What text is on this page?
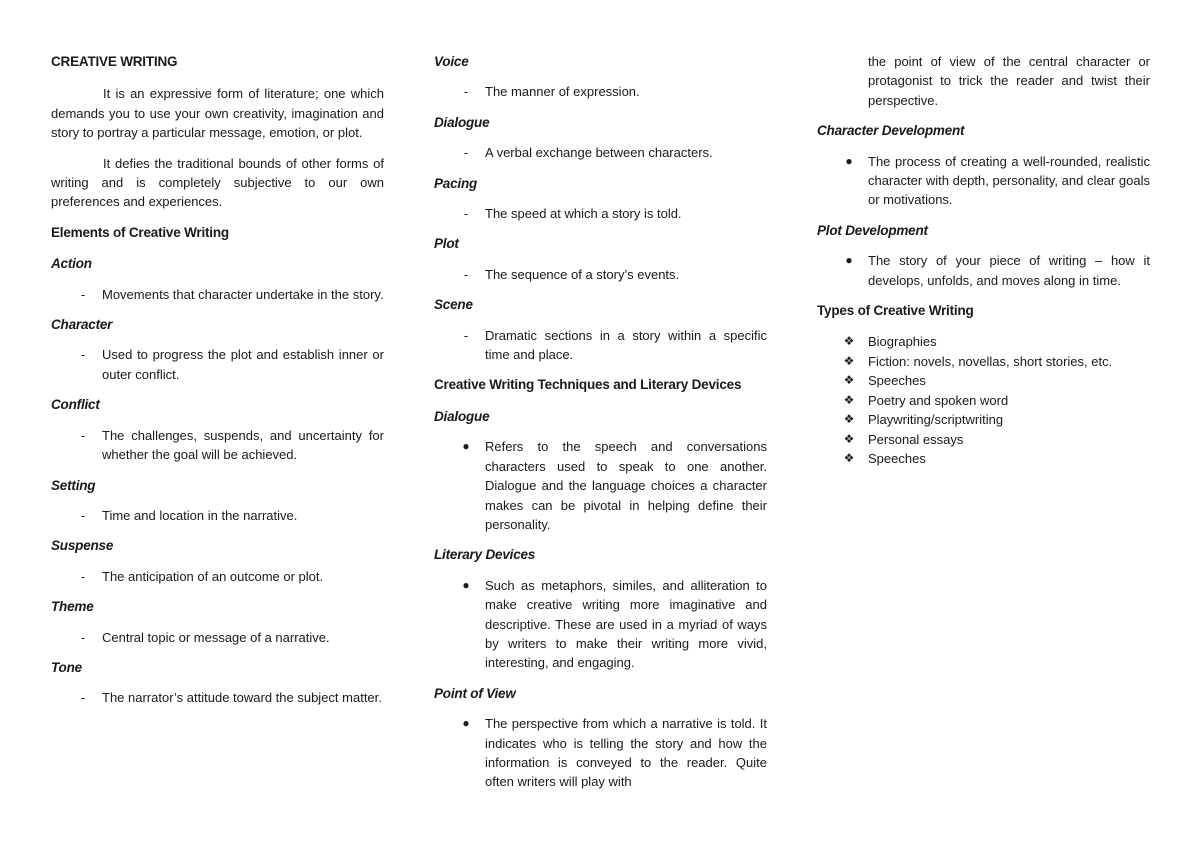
CREATIVE WRITING

It is an expressive form of literature; one which demands you to use your own creativity, imagination and story to portray a particular message, emotion, or plot.

It defies the traditional bounds of other forms of writing and is completely subjective to our own preferences and experiences.

Elements of Creative Writing
Action
-	Movements that character undertake in the story.
Character
-	Used to progress the plot and establish inner or outer conflict.
Conflict
-	The challenges, suspends, and uncertainty for whether the goal will be achieved.
Setting
-	Time and location in the narrative.
Suspense
-	The anticipation of an outcome or plot.
Theme
-	Central topic or message of a narrative.
Tone
-	The narrator’s attitude toward the subject matter.
Voice
-	The manner of expression.
Dialogue
-	A verbal exchange between characters.
Pacing
-	The speed at which a story is told.
Plot
-	The sequence of a story’s events.
Scene
-	Dramatic sections in a story within a specific time and place.
Creative Writing Techniques and Literary Devices
Dialogue
● Refers to the speech and conversations characters used to speak to one another. Dialogue and the language choices a character makes can be pivotal in helping define their personality.
Literary Devices
● Such as metaphors, similes, and alliteration to make creative writing more imaginative and descriptive. These are used in a myriad of ways by writers to make their writing more vivid, interesting, and engaging.
Point of View
● The perspective from which a narrative is told. It indicates who is telling the story and how the information is conveyed to the reader. Quite often writers will play with

the point of view of the central character or protagonist to trick the reader and twist their perspective.

Character Development
● The process of creating a well-rounded, realistic character with depth, personality, and clear goals or motivations.
Plot Development
● The story of your piece of writing – how it develops, unfolds, and moves along in time.
Types of Creative Writing
❖ Biographies
❖ Fiction: novels, novellas, short stories, etc.
❖ Speeches
❖ Poetry and spoken word
❖ Playwriting/scriptwriting
❖ Personal essays
❖ Speeches
